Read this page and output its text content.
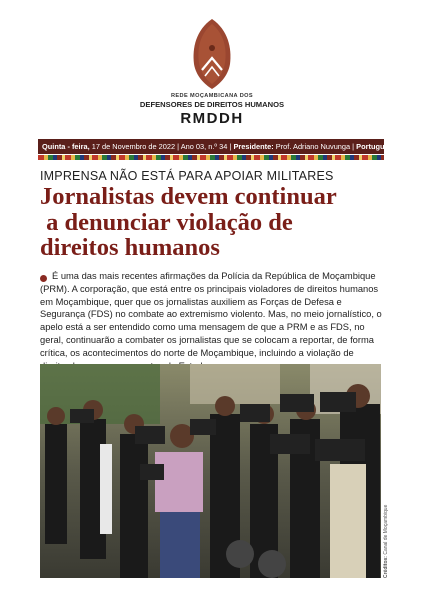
REDE MOÇAMBICANA DOS
DEFENSORES DE DIREITOS HUMANOS
RMDDH
Quinta - feira,
17 de Novembro de 2022 | Ano 03, n.º 34 |
Presidente:
Prof. Adriano Nuvunga |
Português
IMPRENSA NÃO ESTÁ PARA APOIAR MILITARES
Jornalistas devem continuar
a denunciar violação de
direitos humanos

É uma das mais recentes afirmações da Polícia da República de Moçambique (PRM). A corporação, que está entre os principais violadores de direitos humanos em Moçambique, quer que os jornalistas auxiliem as Forças de Defesa e Segurança (FDS) no combate ao extremismo violento. Mas, no meio jornalístico, o apelo está a ser entendido como uma mensagem de que a PRM e as FDS, no geral, continuarão a combater os jornalistas que se colocam a reportar, de forma crítica, os acontecimentos do norte de Moçambique, incluindo a violação de

Créditos: Canal de Moçambique
